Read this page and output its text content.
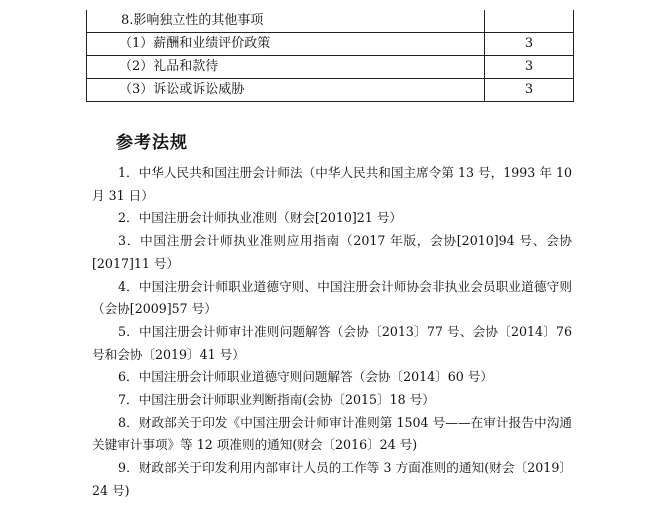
8.影响独立性的其他事项	
（1）薪酬和业绩评价政策	3
（2）礼品和款待	3
（3）诉讼或诉讼威胁	3
参考法规

1．中华人民共和国注册会计师法（中华人民共和国主席令第 13 号，1993 年 10 月 31 日）

2．中国注册会计师执业准则（财会[2010]21 号）

3．中国注册会计师执业准则应用指南（2017 年版，会协[2010]94 号、会协[2017]11 号）

4．中国注册会计师职业道德守则、中国注册会计师协会非执业会员职业道德守则（会协[2009]57 号）

5．中国注册会计师审计准则问题解答（会协〔2013〕77 号、会协〔2014〕76 号和会协〔2019〕41 号）

6．中国注册会计师职业道德守则问题解答（会协〔2014〕60 号）

7．中国注册会计师职业判断指南(会协〔2015〕18 号）

8．财政部关于印发《中国注册会计师审计准则第 1504 号——在审计报告中沟通关键审计事项》等 12 项准则的通知(财会〔2016〕24 号)

9．财政部关于印发利用内部审计人员的工作等 3 方面准则的通知(财会〔2019〕24 号)
